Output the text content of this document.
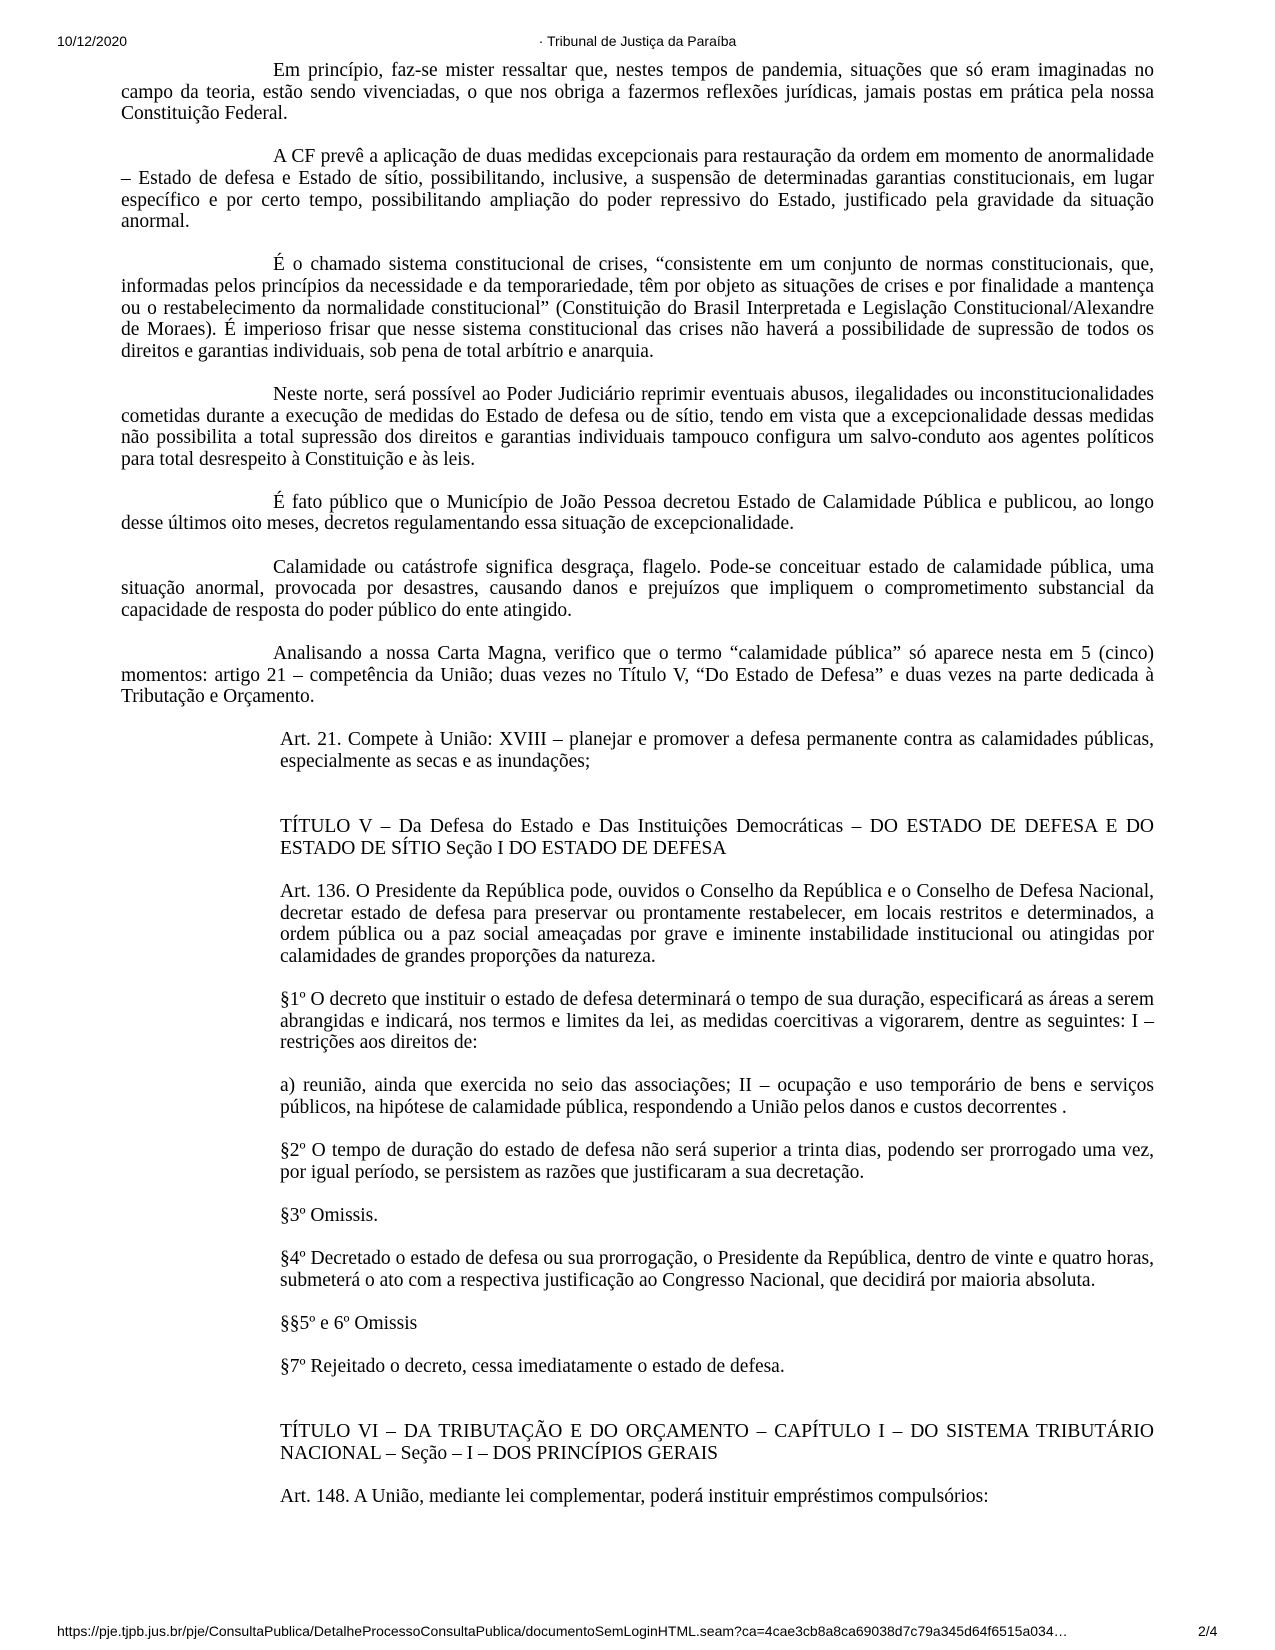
10/12/2020	· Tribunal de Justiça da Paraíba

Em princípio, faz-se mister ressaltar que, nestes tempos de pandemia, situações que só eram imaginadas no campo da teoria, estão sendo vivenciadas, o que nos obriga a fazermos reflexões jurídicas, jamais postas em prática pela nossa Constituição Federal.

A CF prevê a aplicação de duas medidas excepcionais para restauração da ordem em momento de anormalidade – Estado de defesa e Estado de sítio, possibilitando, inclusive, a suspensão de determinadas garantias constitucionais, em lugar específico e por certo tempo, possibilitando ampliação do poder repressivo do Estado, justificado pela gravidade da situação anormal.

É o chamado sistema constitucional de crises, “consistente em um conjunto de normas constitucionais, que, informadas pelos princípios da necessidade e da temporariedade, têm por objeto as situações de crises e por finalidade a mantença ou o restabelecimento da normalidade constitucional” (Constituição do Brasil Interpretada e Legislação Constitucional/Alexandre de Moraes). É imperioso frisar que nesse sistema constitucional das crises não haverá a possibilidade de supressão de todos os direitos e garantias individuais, sob pena de total arbítrio e anarquia.

Neste norte, será possível ao Poder Judiciário reprimir eventuais abusos, ilegalidades ou inconstitucionalidades cometidas durante a execução de medidas do Estado de defesa ou de sítio, tendo em vista que a excepcionalidade dessas medidas não possibilita a total supressão dos direitos e garantias individuais tampouco configura um salvo-conduto aos agentes políticos para total desrespeito à Constituição e às leis.

É fato público que o Município de João Pessoa decretou Estado de Calamidade Pública e publicou, ao longo desse últimos oito meses, decretos regulamentando essa situação de excepcionalidade.

Calamidade ou catástrofe significa desgraça, flagelo. Pode-se conceituar estado de calamidade pública, uma situação anormal, provocada por desastres, causando danos e prejuízos que impliquem o comprometimento substancial da capacidade de resposta do poder público do ente atingido.

Analisando a nossa Carta Magna, verifico que o termo “calamidade pública” só aparece nesta em 5 (cinco) momentos: artigo 21 – competência da União; duas vezes no Título V, “Do Estado de Defesa” e duas vezes na parte dedicada à Tributação e Orçamento.

Art. 21. Compete à União: XVIII – planejar e promover a defesa permanente contra as calamidades públicas, especialmente as secas e as inundações;

TÍTULO V – Da Defesa do Estado e Das Instituições Democráticas – DO ESTADO DE DEFESA E DO ESTADO DE SÍTIO Seção I DO ESTADO DE DEFESA

Art. 136. O Presidente da República pode, ouvidos o Conselho da República e o Conselho de Defesa Nacional, decretar estado de defesa para preservar ou prontamente restabelecer, em locais restritos e determinados, a ordem pública ou a paz social ameaçadas por grave e iminente instabilidade institucional ou atingidas por calamidades de grandes proporções da natureza.

§1º O decreto que instituir o estado de defesa determinará o tempo de sua duração, especificará as áreas a serem abrangidas e indicará, nos termos e limites da lei, as medidas coercitivas a vigorarem, dentre as seguintes: I – restrições aos direitos de:

a) reunião, ainda que exercida no seio das associações; II – ocupação e uso temporário de bens e serviços públicos, na hipótese de calamidade pública, respondendo a União pelos danos e custos decorrentes .

§2º O tempo de duração do estado de defesa não será superior a trinta dias, podendo ser prorrogado uma vez, por igual período, se persistem as razões que justificaram a sua decretação.

§3º Omissis.

§4º Decretado o estado de defesa ou sua prorrogação, o Presidente da República, dentro de vinte e quatro horas, submeterá o ato com a respectiva justificação ao Congresso Nacional, que decidirá por maioria absoluta.

§§5º e 6º Omissis

§7º Rejeitado o decreto, cessa imediatamente o estado de defesa.

TÍTULO VI – DA TRIBUTAÇÃO E DO ORÇAMENTO – CAPÍTULO I – DO SISTEMA TRIBUTÁRIO NACIONAL – Seção – I – DOS PRINCÍPIOS GERAIS

Art. 148. A União, mediante lei complementar, poderá instituir empréstimos compulsórios:

https://pje.tjpb.jus.br/pje/ConsultaPublica/DetalheProcessoConsultaPublica/documentoSemLoginHTML.seam?ca=4cae3cb8a8ca69038d7c79a345d64f6515a034…	2/4
